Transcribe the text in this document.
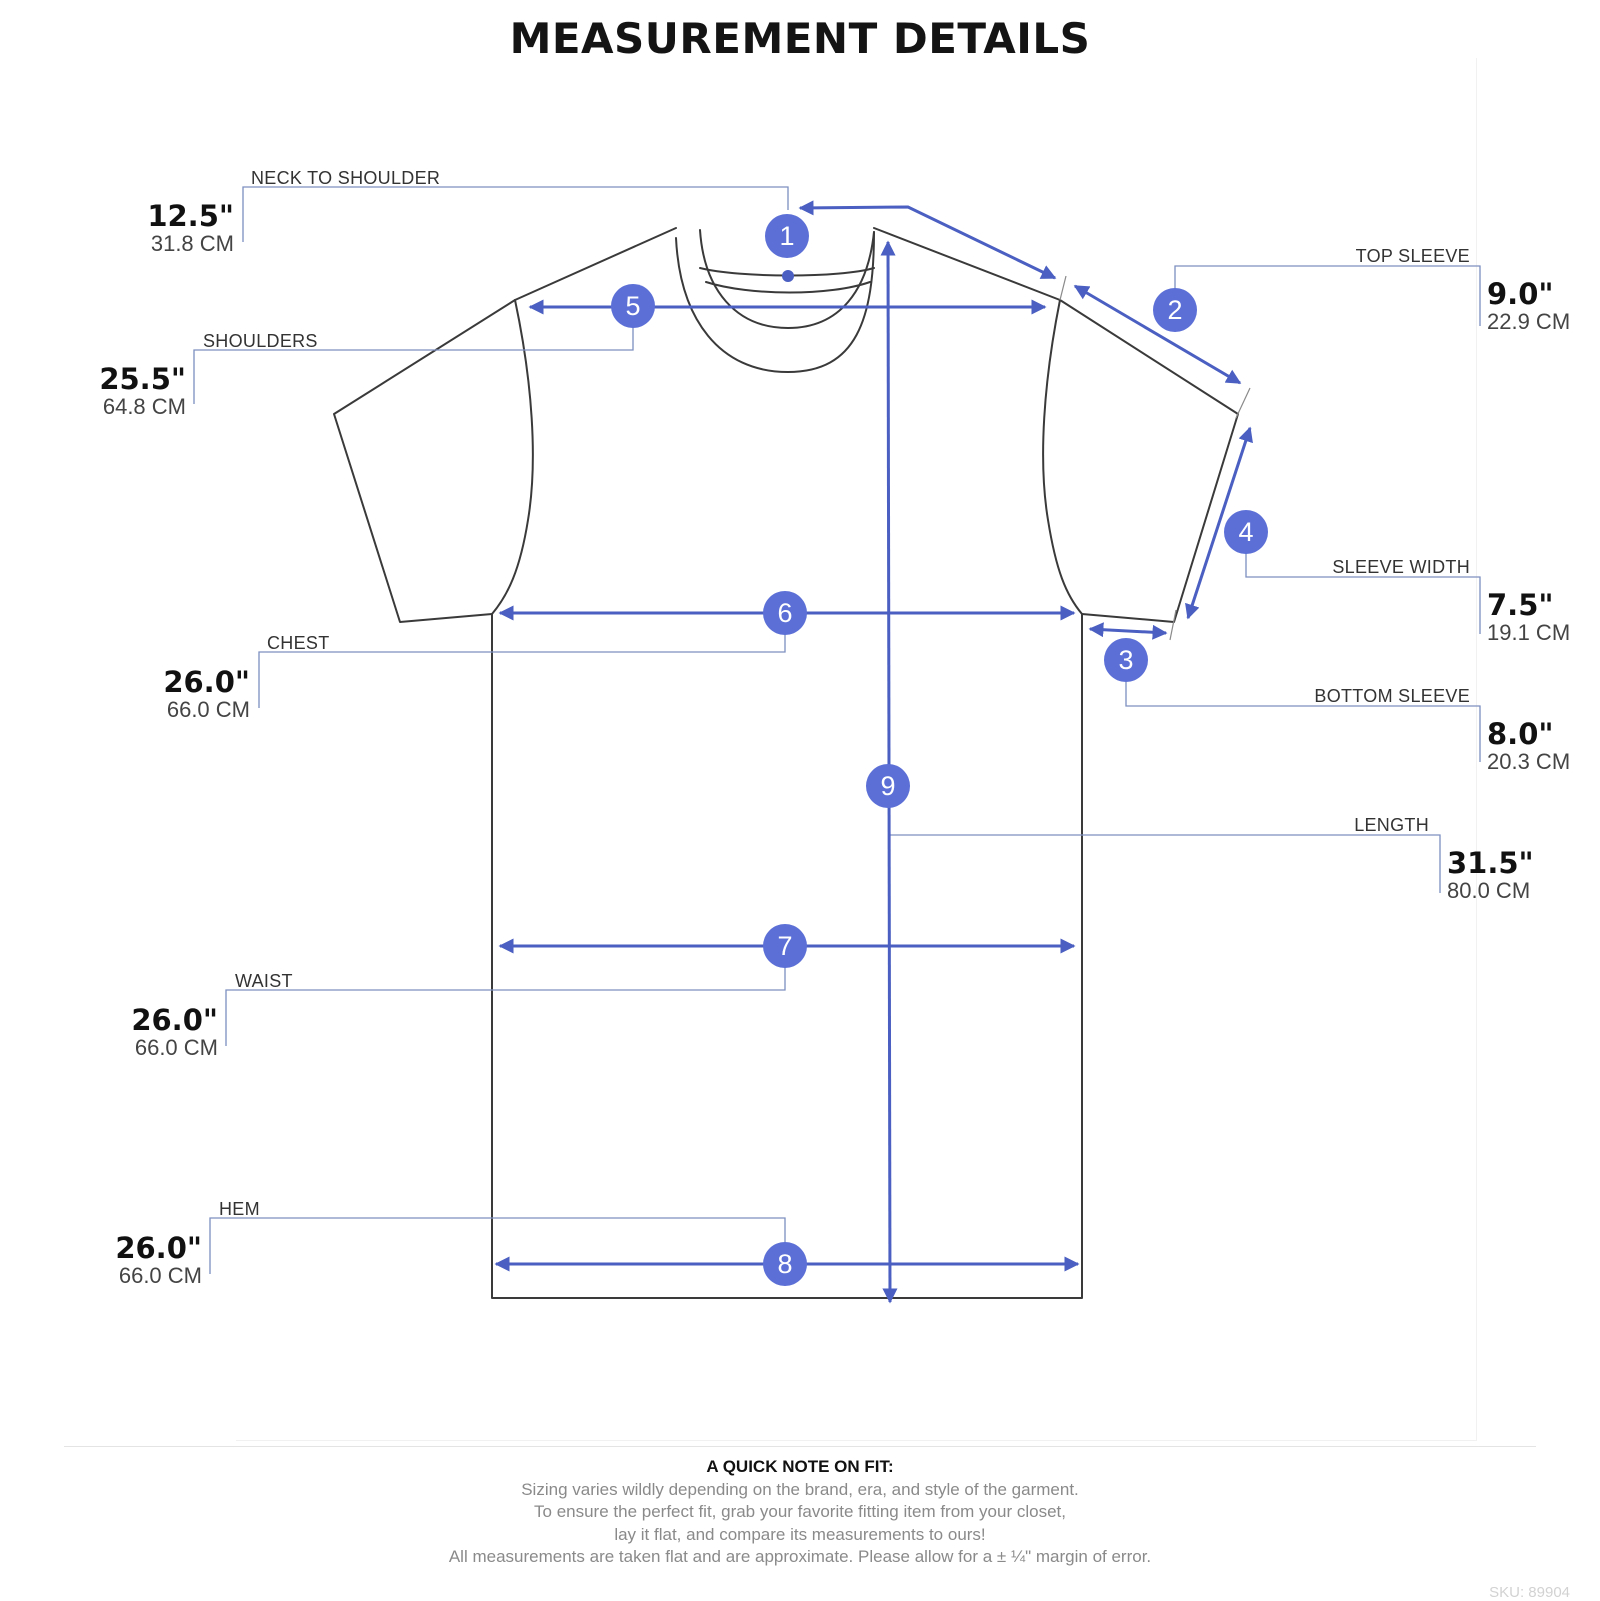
MEASUREMENT DETAILS
1
2
3
4
5
6
7
8
9
NECK TO SHOULDER
12.5"
31.8 CM
SHOULDERS
25.5"
64.8 CM
CHEST
26.0"
66.0 CM
WAIST
26.0"
66.0 CM
HEM
26.0"
66.0 CM
TOP SLEEVE
9.0"
22.9 CM
SLEEVE WIDTH
7.5"
19.1 CM
BOTTOM SLEEVE
8.0"
20.3 CM
LENGTH
31.5"
80.0 CM
A QUICK NOTE ON FIT:
Sizing varies wildly depending on the brand, era, and style of the garment.
To ensure the perfect fit, grab your favorite fitting item from your closet,
lay it flat, and compare its measurements to ours!
All measurements are taken flat and are approximate. Please allow for a ± ¼" margin of error.
SKU: 89904
